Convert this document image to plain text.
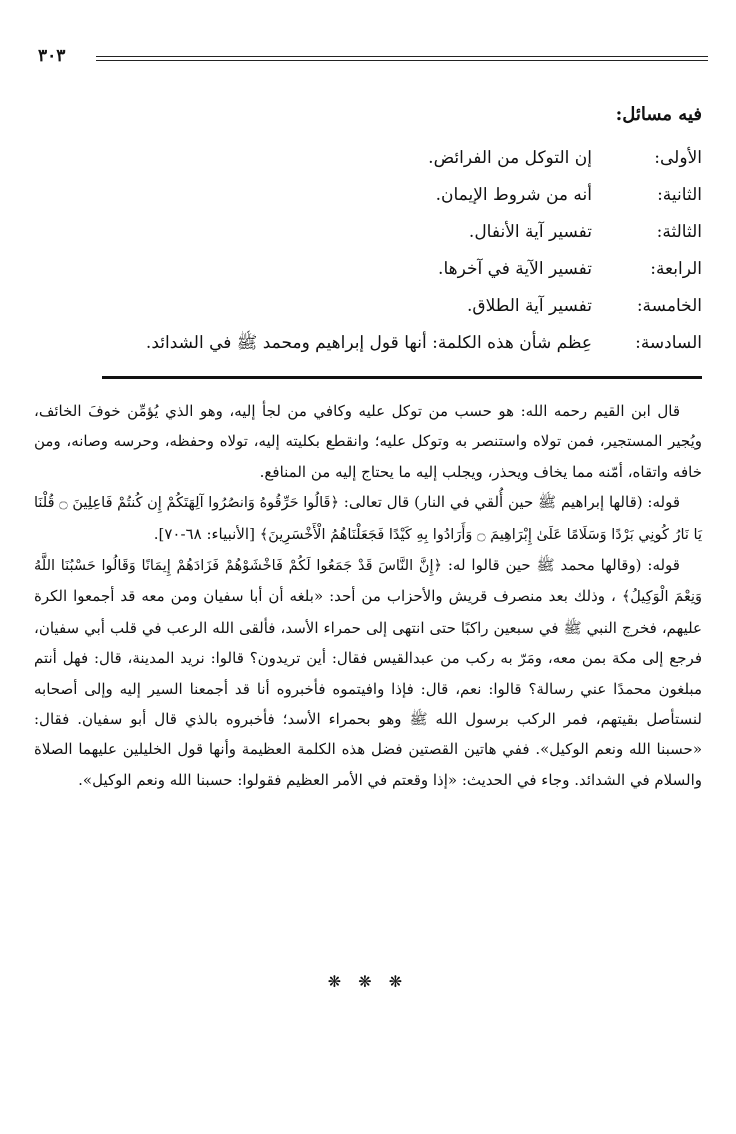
٣٠٣
فيه مسائل:
الأولى:
إن التوكل من الفرائض.
الثانية:
أنه من شروط الإيمان.
الثالثة:
تفسير آية الأنفال.
الرابعة:
تفسير الآية في آخرها.
الخامسة:
تفسير آية الطلاق.
السادسة:
عِظم شأن هذه الكلمة: أنها قول إبراهيم ومحمد ﷺ في الشدائد.

قال ابن القيم رحمه الله: هو حسب من توكل عليه وكافي من لجأ إليه، وهو الذي يُؤمِّن خوفَ الخائف، ويُجير المستجير، فمن تولاه واستنصر به وتوكل عليه؛ وانقطع بكليته إليه، تولاه وحفظه، وحرسه وصانه، ومن خافه واتقاه، أمّنه مما يخاف ويحذر، ويجلب إليه ما يحتاج إليه من المنافع.

قوله: (قالها إبراهيم ﷺ حين أُلقي في النار) قال تعالى: ﴿قَالُوا حَرِّقُوهُ وَانصُرُوا آلِهَتَكُمْ إِن كُنتُمْ فَاعِلِينَ ۝ قُلْنَا يَا نَارُ كُونِي بَرْدًا وَسَلَامًا عَلَىٰ إِبْرَاهِيمَ ۝ وَأَرَادُوا بِهِ كَيْدًا فَجَعَلْنَاهُمُ الْأَخْسَرِينَ﴾ [الأنبياء: ٦٨-٧٠].

قوله: (وقالها محمد ﷺ حين قالوا له: ﴿إِنَّ النَّاسَ قَدْ جَمَعُوا لَكُمْ فَاخْشَوْهُمْ فَزَادَهُمْ إِيمَانًا وَقَالُوا حَسْبُنَا اللَّهُ وَنِعْمَ الْوَكِيلُ﴾ ، وذلك بعد منصرف قريش والأحزاب من أحد: «بلغه أن أبا سفيان ومن معه قد أجمعوا الكرة عليهم، فخرج النبي ﷺ في سبعين راكبًا حتى انتهى إلى حمراء الأسد، فألقى الله الرعب في قلب أبي سفيان، فرجع إلى مكة بمن معه، ومَرّ به ركب من عبدالقيس فقال: أين تريدون؟ قالوا: نريد المدينة، قال: فهل أنتم مبلغون محمدًا عني رسالة؟ قالوا: نعم، قال: فإذا وافيتموه فأخبروه أنا قد أجمعنا السير إليه وإلى أصحابه لنستأصل بقيتهم، فمر الركب برسول الله ﷺ وهو بحمراء الأسد؛ فأخبروه بالذي قال أبو سفيان. فقال: «حسبنا الله ونعم الوكيل». ففي هاتين القصتين فضل هذه الكلمة العظيمة وأنها قول الخليلين عليهما الصلاة والسلام في الشدائد. وجاء في الحديث: «إذا وقعتم في الأمر العظيم فقولوا: حسبنا الله ونعم الوكيل».

❋ ❋ ❋
